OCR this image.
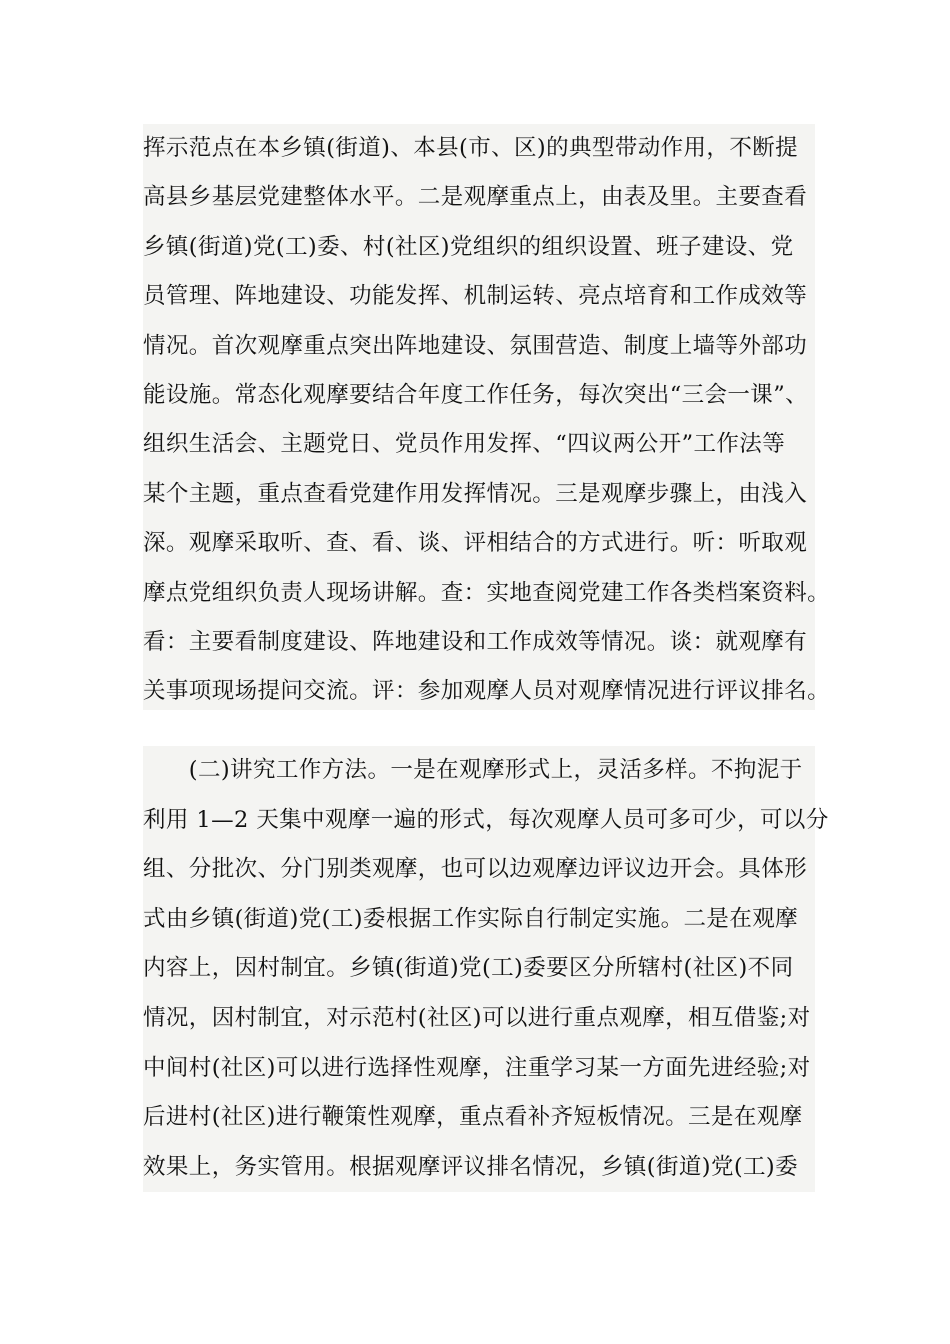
挥示范点在本乡镇(街道)、本县(市、区)的典型带动作用，不断提
高县乡基层党建整体水平。二是观摩重点上，由表及里。主要查看
乡镇(街道)党(工)委、村(社区)党组织的组织设置、班子建设、党
员管理、阵地建设、功能发挥、机制运转、亮点培育和工作成效等
情况。首次观摩重点突出阵地建设、氛围营造、制度上墙等外部功
能设施。常态化观摩要结合年度工作任务，每次突出“三会一课”、
组织生活会、主题党日、党员作用发挥、“四议两公开”工作法等
某个主题，重点查看党建作用发挥情况。三是观摩步骤上，由浅入
深。观摩采取听、查、看、谈、评相结合的方式进行。听：听取观
摩点党组织负责人现场讲解。查：实地查阅党建工作各类档案资料。
看：主要看制度建设、阵地建设和工作成效等情况。谈：就观摩有
关事项现场提问交流。评：参加观摩人员对观摩情况进行评议排名。
　　(二)讲究工作方法。一是在观摩形式上，灵活多样。不拘泥于
利用 1—2 天集中观摩一遍的形式，每次观摩人员可多可少，可以分
组、分批次、分门别类观摩，也可以边观摩边评议边开会。具体形
式由乡镇(街道)党(工)委根据工作实际自行制定实施。二是在观摩
内容上，因村制宜。乡镇(街道)党(工)委要区分所辖村(社区)不同
情况，因村制宜，对示范村(社区)可以进行重点观摩，相互借鉴;对
中间村(社区)可以进行选择性观摩，注重学习某一方面先进经验;对
后进村(社区)进行鞭策性观摩，重点看补齐短板情况。三是在观摩
效果上，务实管用。根据观摩评议排名情况，乡镇(街道)党(工)委
